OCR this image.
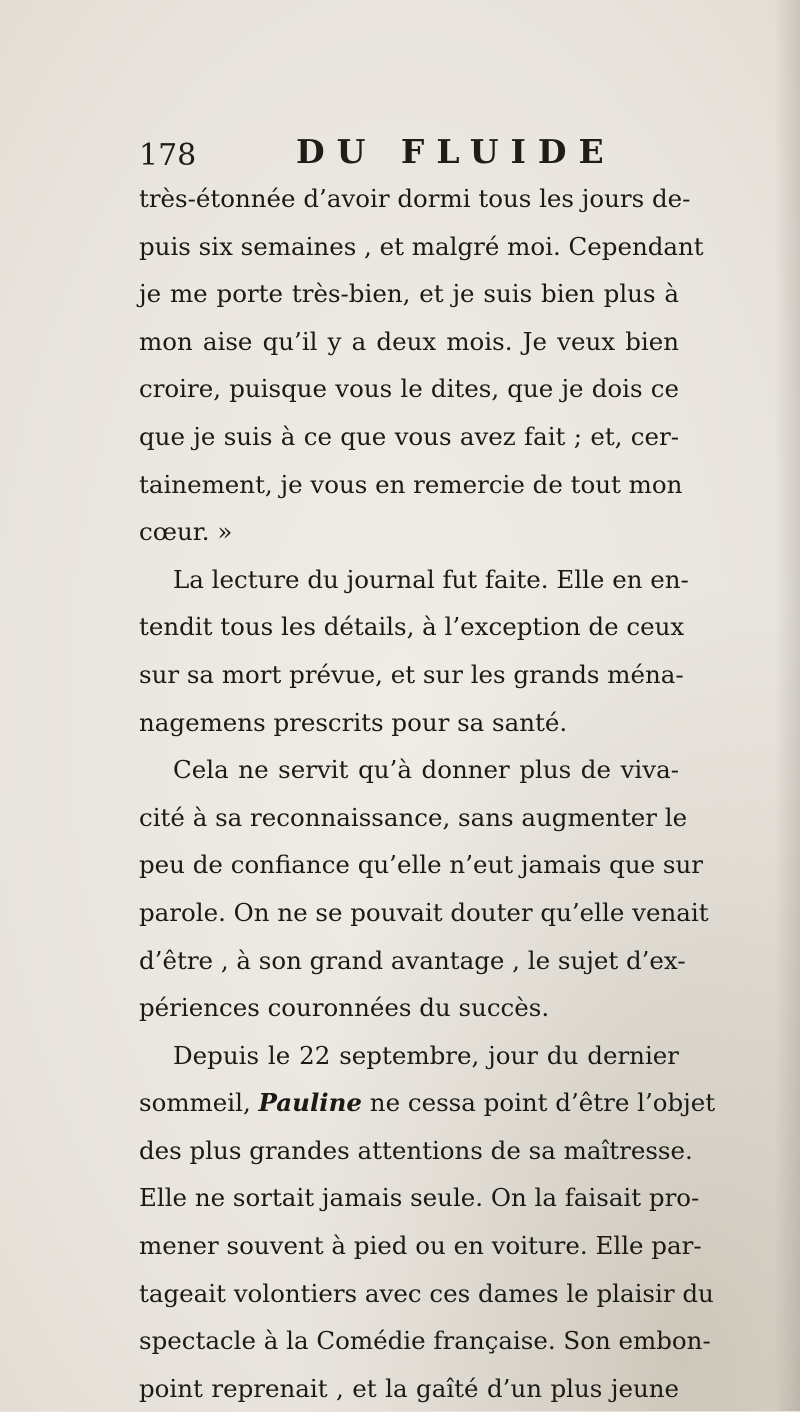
178	DU FLUIDE
très-étonnée d’avoir dormi tous les jours de-
puis six semaines , et malgré moi. Cependant
je me porte très-bien, et je suis bien plus à
mon aise qu’il y a deux mois. Je veux bien
croire, puisque vous le dites, que je dois ce
que je suis à ce que vous avez fait ; et, cer-
tainement, je vous en remercie de tout mon
cœur. »
La lecture du journal fut faite. Elle en en-
tendit tous les détails, à l’exception de ceux
sur sa mort prévue, et sur les grands ména-
nagemens prescrits pour sa santé.
Cela ne servit qu’à donner plus de viva-
cité à sa reconnaissance, sans augmenter le
peu de confiance qu’elle n’eut jamais que sur
parole. On ne se pouvait douter qu’elle venait
d’être , à son grand avantage , le sujet d’ex-
périences couronnées du succès.
Depuis le 22 septembre, jour du dernier
sommeil, Pauline ne cessa point d’être l’objet
des plus grandes attentions de sa maîtresse.
Elle ne sortait jamais seule. On la faisait pro-
mener souvent à pied ou en voiture. Elle par-
tageait volontiers avec ces dames le plaisir du
spectacle à la Comédie française. Son embon-
point reprenait , et la gaîté d’un plus jeune
